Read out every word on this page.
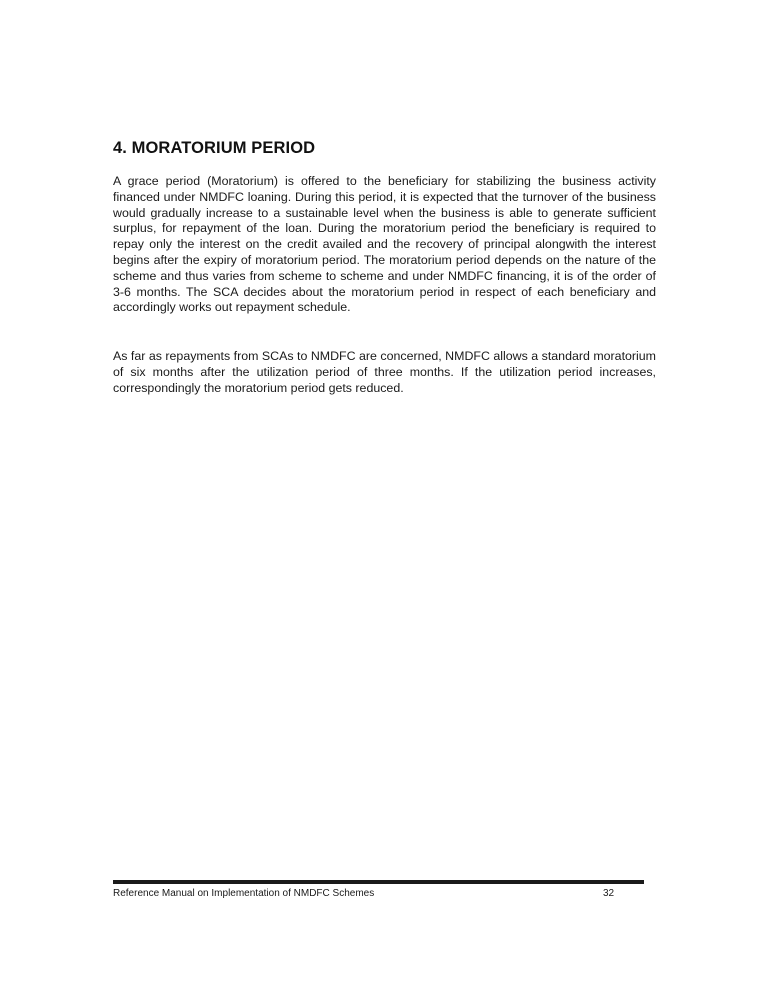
4. MORATORIUM PERIOD

A grace period (Moratorium) is offered to the beneficiary for stabilizing the business activity financed under NMDFC loaning. During this period, it is expected that the turnover of the business would gradually increase to a sustainable level when the business is able to generate sufficient surplus, for repayment of the loan. During the moratorium period the beneficiary is required to repay only the interest on the credit availed and the recovery of principal alongwith the interest begins after the expiry of moratorium period. The moratorium period depends on the nature of the scheme and thus varies from scheme to scheme and under NMDFC financing, it is of the order of 3-6 months. The SCA decides about the moratorium period in respect of each beneficiary and accordingly works out repayment schedule.

As far as repayments from SCAs to NMDFC are concerned, NMDFC allows a standard moratorium of six months after the utilization period of three months. If the utilization period increases, correspondingly the moratorium period gets reduced.

Reference Manual on Implementation of NMDFC Schemes	32
